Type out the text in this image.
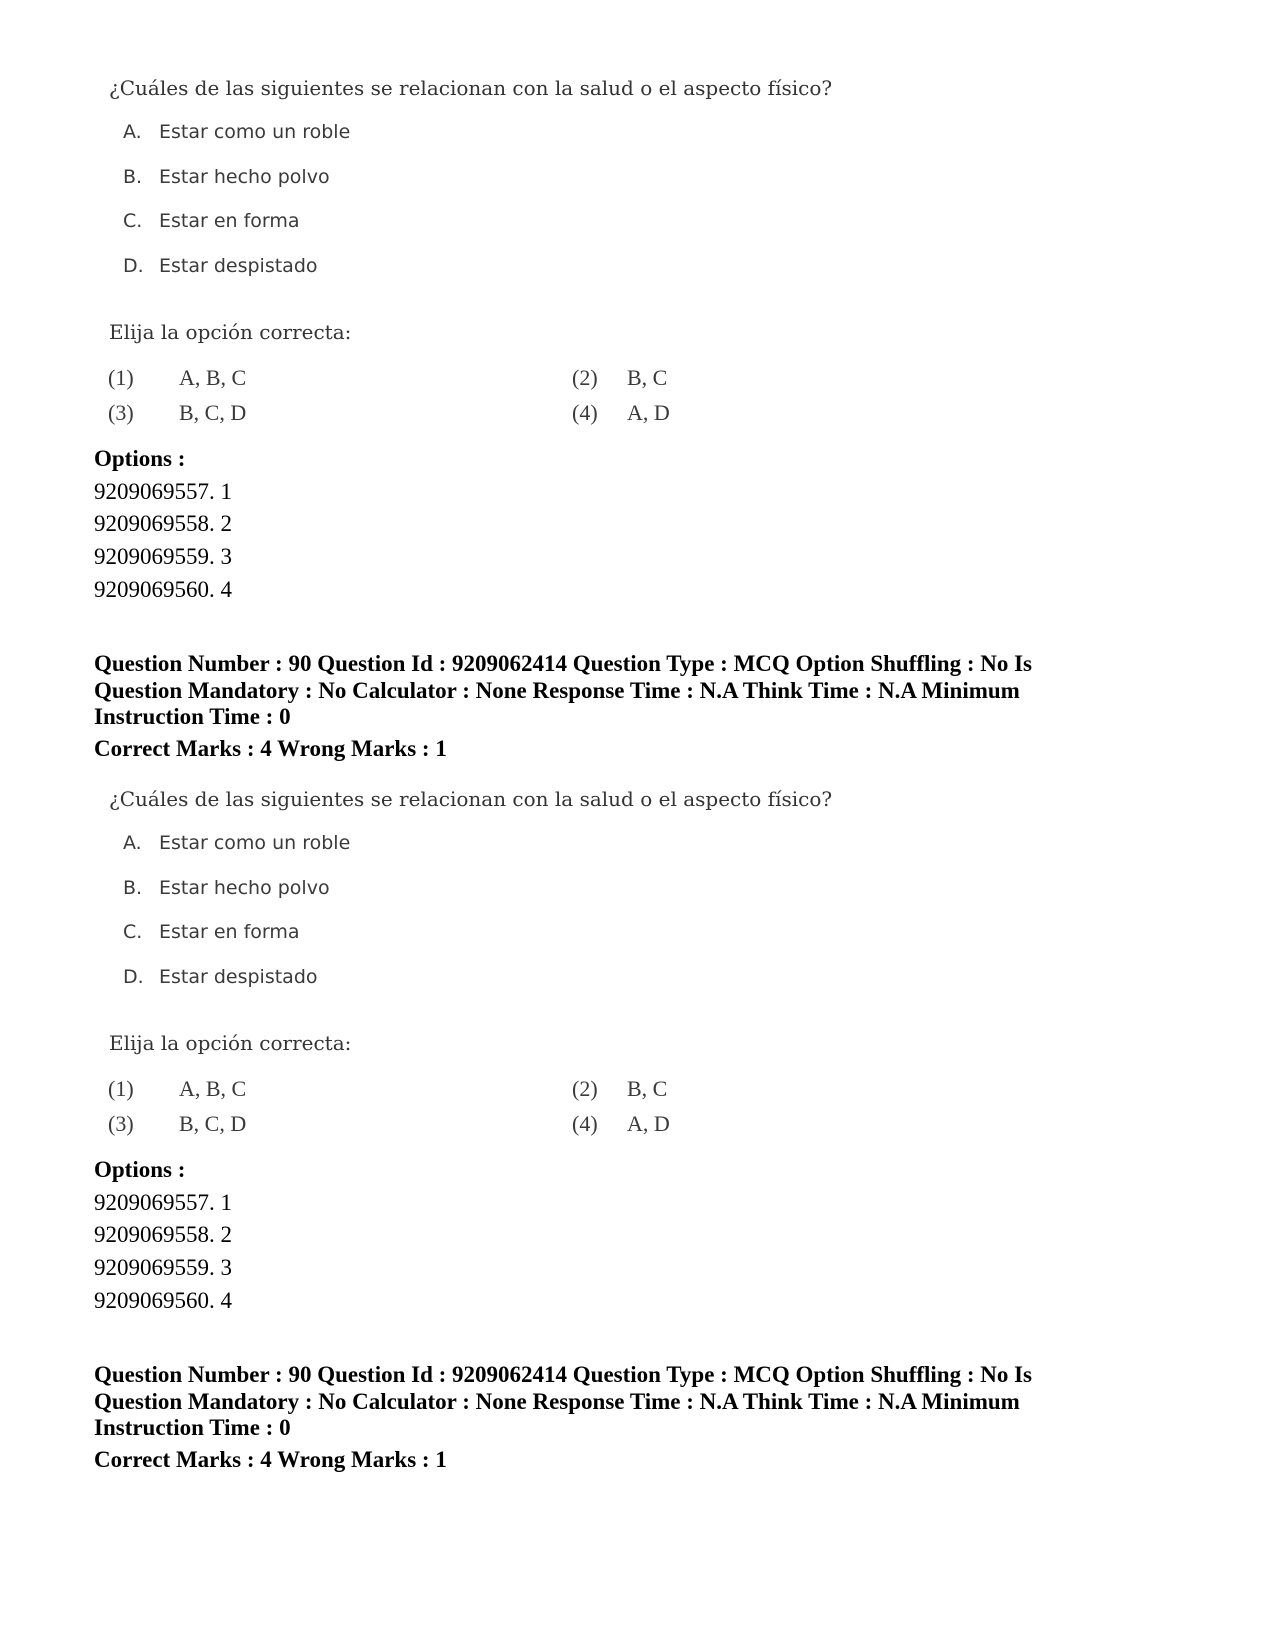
¿Cuáles de las siguientes se relacionan con la salud o el aspecto físico?
A. Estar como un roble
B. Estar hecho polvo
C. Estar en forma
D. Estar despistado
Elija la opción correcta:
(1) A, B, C	(2) B, C
(3) B, C, D	(4) A, D
Options :
9209069557. 1
9209069558. 2
9209069559. 3
9209069560. 4
Question Number : 90 Question Id : 9209062414 Question Type : MCQ Option Shuffling : No Is Question Mandatory : No Calculator : None Response Time : N.A Think Time : N.A Minimum Instruction Time : 0
Correct Marks : 4 Wrong Marks : 1
¿Cuáles de las siguientes se relacionan con la salud o el aspecto físico?
A. Estar como un roble
B. Estar hecho polvo
C. Estar en forma
D. Estar despistado
Elija la opción correcta:
(1) A, B, C	(2) B, C
(3) B, C, D	(4) A, D
Options :
9209069557. 1
9209069558. 2
9209069559. 3
9209069560. 4
Question Number : 90 Question Id : 9209062414 Question Type : MCQ Option Shuffling : No Is Question Mandatory : No Calculator : None Response Time : N.A Think Time : N.A Minimum Instruction Time : 0
Correct Marks : 4 Wrong Marks : 1
